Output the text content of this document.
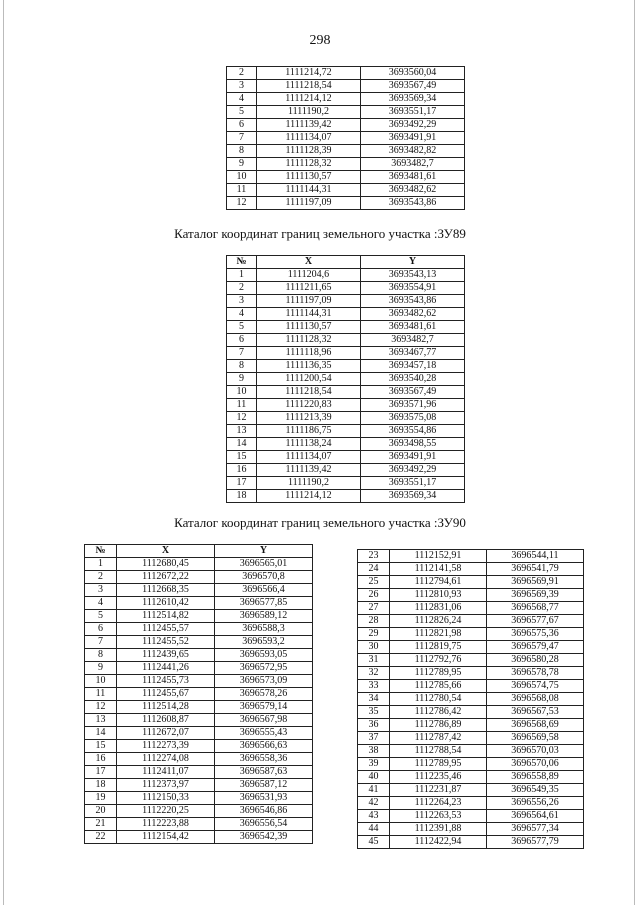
298
2	1111214,72	3693560,04
3	1111218,54	3693567,49
4	1111214,12	3693569,34
5	1111190,2	3693551,17
6	1111139,42	3693492,29
7	1111134,07	3693491,91
8	1111128,39	3693482,82
9	1111128,32	3693482,7
10	1111130,57	3693481,61
11	1111144,31	3693482,62
12	1111197,09	3693543,86
Каталог координат границ земельного участка :ЗУ89
№	X	Y
1	1111204,6	3693543,13
2	1111211,65	3693554,91
3	1111197,09	3693543,86
4	1111144,31	3693482,62
5	1111130,57	3693481,61
6	1111128,32	3693482,7
7	1111118,96	3693467,77
8	1111136,35	3693457,18
9	1111200,54	3693540,28
10	1111218,54	3693567,49
11	1111220,83	3693571,96
12	1111213,39	3693575,08
13	1111186,75	3693554,86
14	1111138,24	3693498,55
15	1111134,07	3693491,91
16	1111139,42	3693492,29
17	1111190,2	3693551,17
18	1111214,12	3693569,34
Каталог координат границ земельного участка :ЗУ90
№	X	Y
1	1112680,45	3696565,01
2	1112672,22	3696570,8
3	1112668,35	3696566,4
4	1112610,42	3696577,85
5	1112514,82	3696589,12
6	1112455,57	3696588,3
7	1112455,52	3696593,2
8	1112439,65	3696593,05
9	1112441,26	3696572,95
10	1112455,73	3696573,09
11	1112455,67	3696578,26
12	1112514,28	3696579,14
13	1112608,87	3696567,98
14	1112672,07	3696555,43
15	1112273,39	3696566,63
16	1112274,08	3696558,36
17	1112411,07	3696587,63
18	1112373,97	3696587,12
19	1112150,33	3696531,93
20	1112220,25	3696546,86
21	1112223,88	3696556,54
22	1112154,42	3696542,39
23	1112152,91	3696544,11
24	1112141,58	3696541,79
25	1112794,61	3696569,91
26	1112810,93	3696569,39
27	1112831,06	3696568,77
28	1112826,24	3696577,67
29	1112821,98	3696575,36
30	1112819,75	3696579,47
31	1112792,76	3696580,28
32	1112789,95	3696578,78
33	1112785,66	3696574,75
34	1112780,54	3696568,08
35	1112786,42	3696567,53
36	1112786,89	3696568,69
37	1112787,42	3696569,58
38	1112788,54	3696570,03
39	1112789,95	3696570,06
40	1112235,46	3696558,89
41	1112231,87	3696549,35
42	1112264,23	3696556,26
43	1112263,53	3696564,61
44	1112391,88	3696577,34
45	1112422,94	3696577,79
